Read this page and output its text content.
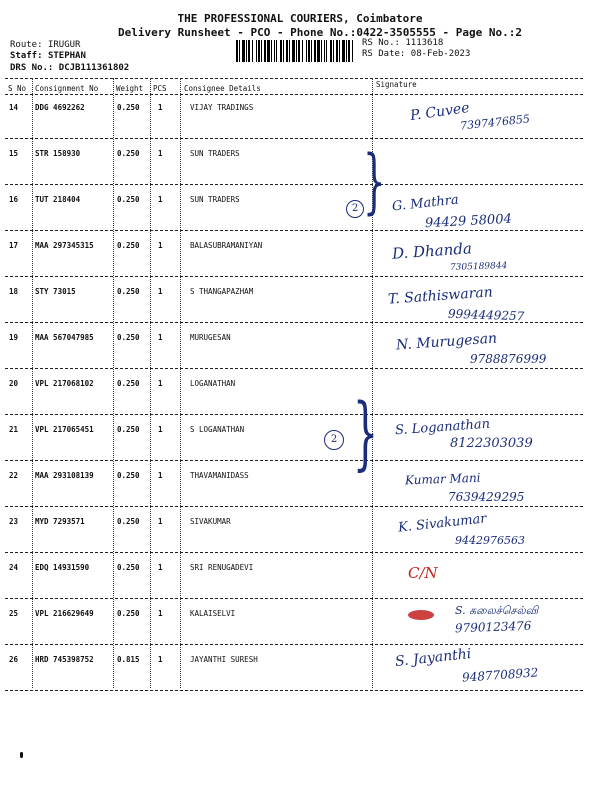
THE PROFESSIONAL COURIERS, Coimbatore
Delivery Runsheet - PCO - Phone No.:0422-3505555 - Page No.:2
Route: IRUGUR
Staff: STEPHAN
DRS No.: DCJB111361802
RS No.: 1113618
RS Date: 08-Feb-2023
S No Consignment No Weight PCS Consignee Details	Signature
14 DDG 4692262	0.250 1	VIJAY TRADINGS	P. Cuvee
7397476855
15 STR 158930	0.250 1	SUN TRADERS
16 TUT 218404	0.250 1	SUN TRADERS	G. Mathra
94429 58004
17 MAA 297345315	0.250 1	BALASUBRAMANIYAN	D. Dhanda
7305189844
18 STY 73015	0.250 1	S THANGAPAZHAM	T. Sathiswaran
9994449257
19 MAA 567047985	0.250 1	MURUGESAN	N. Murugesan
9788876999
20 VPL 217068102	0.250 1	LOGANATHAN
21 VPL 217065451	0.250 1	S LOGANATHAN	S. Loganathan
8122303039
22 MAA 293108139	0.250 1	THAVAMANIDASS	Kumar Mani
7639429295
23 MYD 7293571	0.250 1	SIVAKUMAR	K. Sivakumar
9442976563
24 EDQ 14931590	0.250 1	SRI RENUGADEVI	C/N
25 VPL 216629649	0.250 1	KALAISELVI	S. கலைச்செல்வி
9790123476
26 HRD 745398752	0.815 1	JAYANTHI SURESH	S. Jayanthi
9487708932
}
2
}
2
